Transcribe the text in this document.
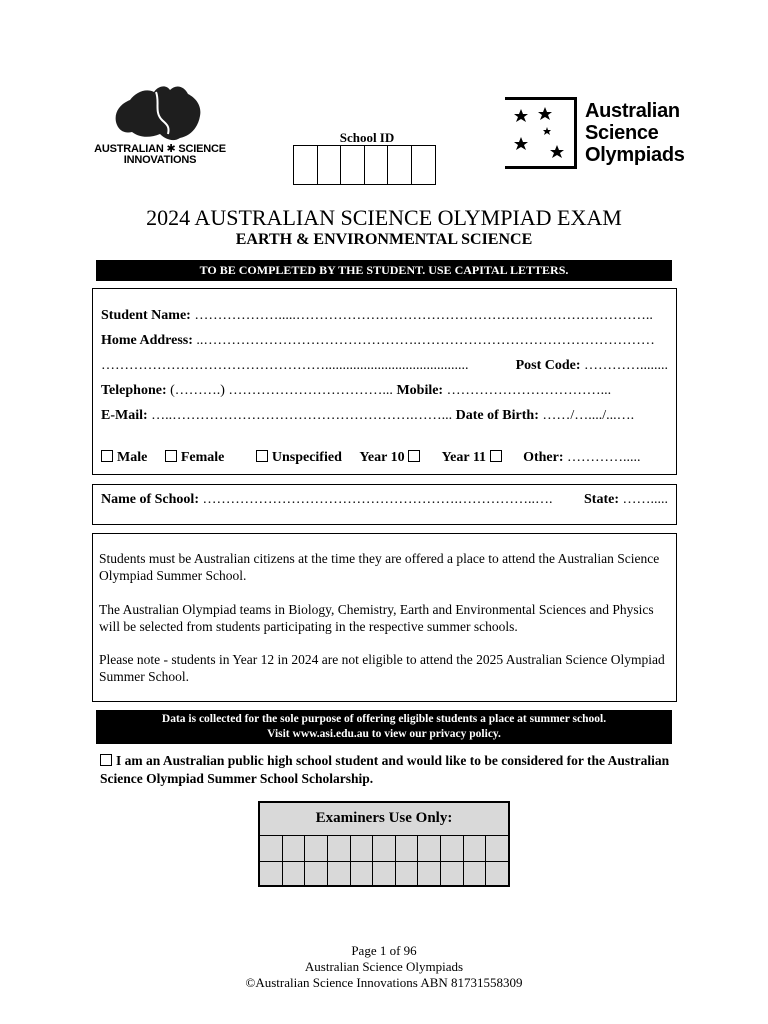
AUSTRALIAN ✱ SCIENCE
INNOVATIONS
School ID
Australian
Science
Olympiads
2024 AUSTRALIAN SCIENCE OLYMPIAD EXAM
EARTH & ENVIRONMENTAL SCIENCE
TO BE COMPLETED BY THE STUDENT. USE CAPITAL LETTERS.
Student Name: ……………….....…………………………………………………………………..
Home Address: ..……………………………………….……………………………………………
………………………………………….........................................	Post Code: …………........
Telephone: (……….) ……………………………... Mobile: ……………………………...
E-Mail: …..…………………………………………….……... Date of Birth: ……/…..../...….
Male Female	Unspecified Year 10	Year 11	Other: ………….....
Name of School: ……………………………………………….……………..…. State: …….....
Students must be Australian citizens at the time they are offered a place to attend the Australian Science Olympiad Summer School.
The Australian Olympiad teams in Biology, Chemistry, Earth and Environmental Sciences and Physics will be selected from students participating in the respective summer schools.
Please note - students in Year 12 in 2024 are not eligible to attend the 2025 Australian Science Olympiad Summer School.
Data is collected for the sole purpose of offering eligible students a place at summer school.
Visit www.asi.edu.au to view our privacy policy.
I am an Australian public high school student and would like to be considered for the Australian Science Olympiad Summer School Scholarship.
Examiners Use Only:
Page 1 of 96
Australian Science Olympiads
©Australian Science Innovations ABN 81731558309
